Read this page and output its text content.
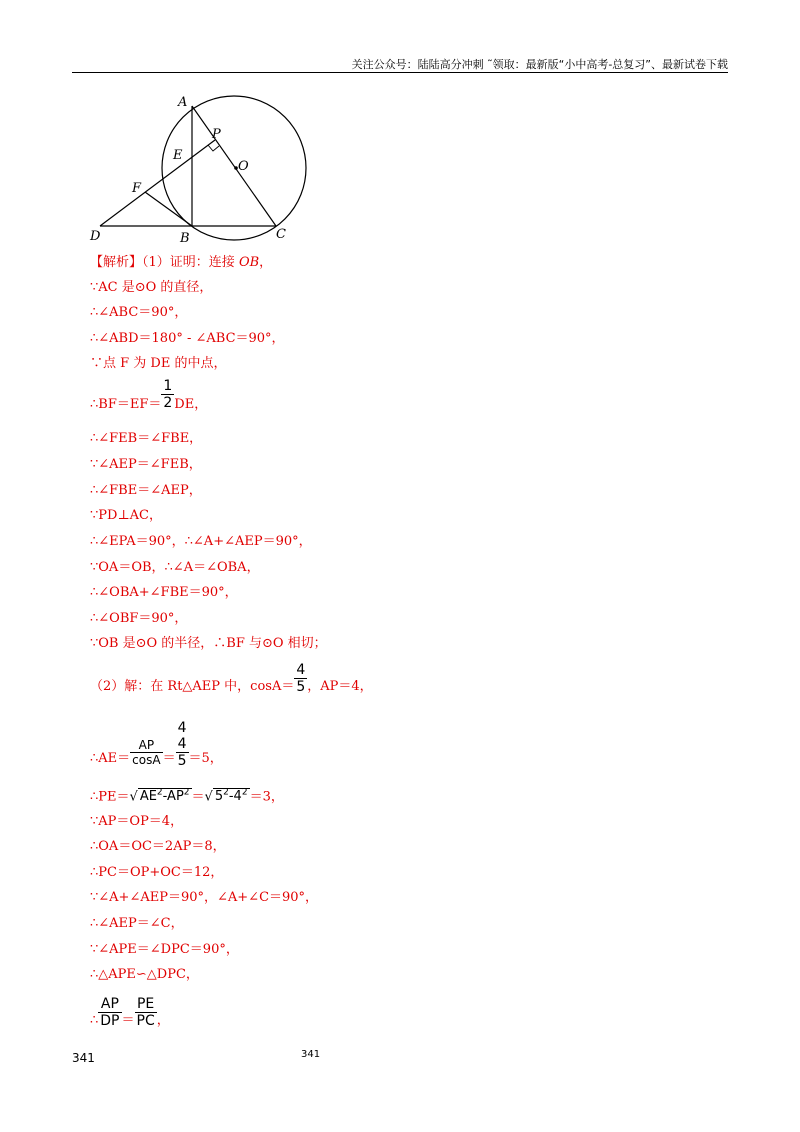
关注公众号：陆陆高分冲刺 ˜领取：最新版“小中高考-总复习”、最新试卷下载
A
P
E
O
F
D	B	C
【解析】（1）证明：连接 OB，
∵AC 是⊙O 的直径，
∴∠ABC＝90°，
∴∠ABD＝180° - ∠ABC＝90°，
∵点 F 为 DE 的中点，
∴BF＝EF＝ $\frac{1}{2}$ DE，
∴∠FEB＝∠FBE，
∵∠AEP＝∠FEB，
∴∠FBE＝∠AEP，
∵PD⊥AC，
∴∠EPA＝90°，∴∠A+∠AEP＝90°，
∵OA＝OB，∴∠A＝∠OBA，
∴∠OBA+∠FBE＝90°，
∴∠OBF＝90°，
∵OB 是⊙O 的半径，∴BF 与⊙O 相切；
（2）解：在 Rt△AEP 中，$\cos A= \frac{4}{5}$ ，AP＝4，
∴AE＝ $\frac{AP}{\cos A}$ ＝
4
4
5 ＝5，
∴PE＝√ $AE^2-AP^2$ ＝√ $5^2-4^2 =3$，
∵AP＝OP＝4，
∴OA＝OC＝2AP＝8，
∴PC＝OP+OC＝12，
∵∠A+∠AEP＝90°，∠A+∠C＝90°，
∴∠AEP＝∠C，
∵∠APE＝∠DPC＝90°，
∴△APE∽△DPC，
∴ $\frac{AP}{DP} = \frac{PE}{PC}$ ，
341	341
